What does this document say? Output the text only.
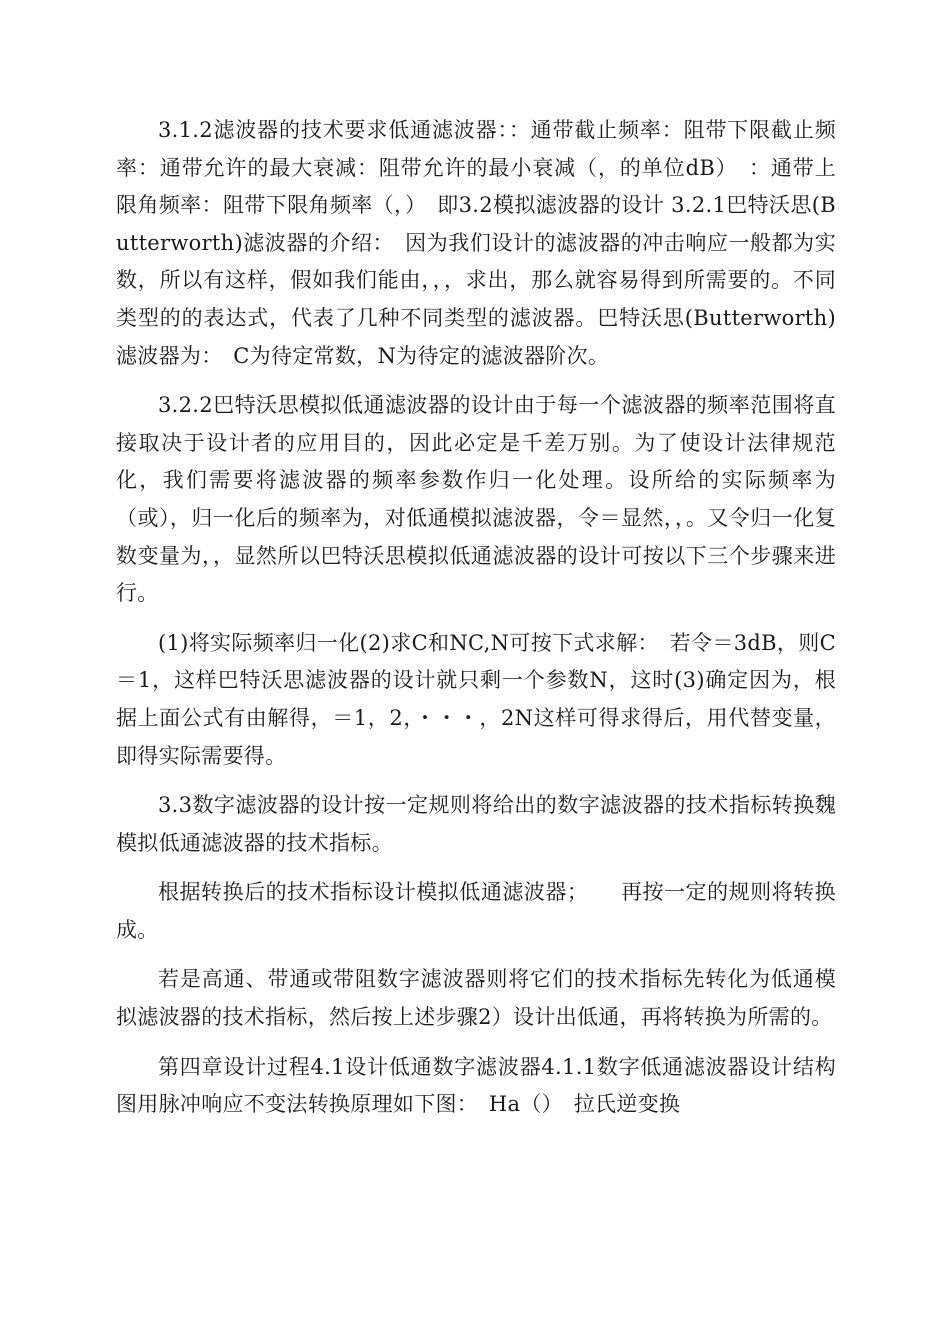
3.1.2滤波器的技术要求低通滤波器：：通带截止频率：阻带下限截止频率：通带允许的最大衰减：阻带允许的最小衰减（，的单位dB）　：通带上限角频率：阻带下限角频率（，）　即3.2模拟滤波器的设计 3.2.1巴特沃思(Butterworth)滤波器的介绍：　因为我们设计的滤波器的冲击响应一般都为实数，所以有这样，假如我们能由，，，求出，那么就容易得到所需要的。不同类型的的表达式，代表了几种不同类型的滤波器。巴特沃思(Butterworth)滤波器为：　C为待定常数，N为待定的滤波器阶次。

3.2.2巴特沃思模拟低通滤波器的设计由于每一个滤波器的频率范围将直接取决于设计者的应用目的，因此必定是千差万别。为了使设计法律规范化，我们需要将滤波器的频率参数作归一化处理。设所给的实际频率为（或），归一化后的频率为，对低通模拟滤波器，令＝显然，，。又令归一化复数变量为，，显然所以巴特沃思模拟低通滤波器的设计可按以下三个步骤来进行。

(1)将实际频率归一化(2)求C和NC,N可按下式求解：　若令＝3dB，则C＝1，这样巴特沃思滤波器的设计就只剩一个参数N，这时(3)确定因为，根据上面公式有由解得，＝1，2，・・・，2N这样可得求得后，用代替变量，即得实际需要得。

3.3数字滤波器的设计按一定规则将给出的数字滤波器的技术指标转换魏模拟低通滤波器的技术指标。

根据转换后的技术指标设计模拟低通滤波器；　　再按一定的规则将转换成。

若是高通、带通或带阻数字滤波器则将它们的技术指标先转化为低通模拟滤波器的技术指标，然后按上述步骤2）设计出低通，再将转换为所需的。

第四章设计过程4.1设计低通数字滤波器4.1.1数字低通滤波器设计结构图用脉冲响应不变法转换原理如下图：　Ha（）　拉氏逆变换
